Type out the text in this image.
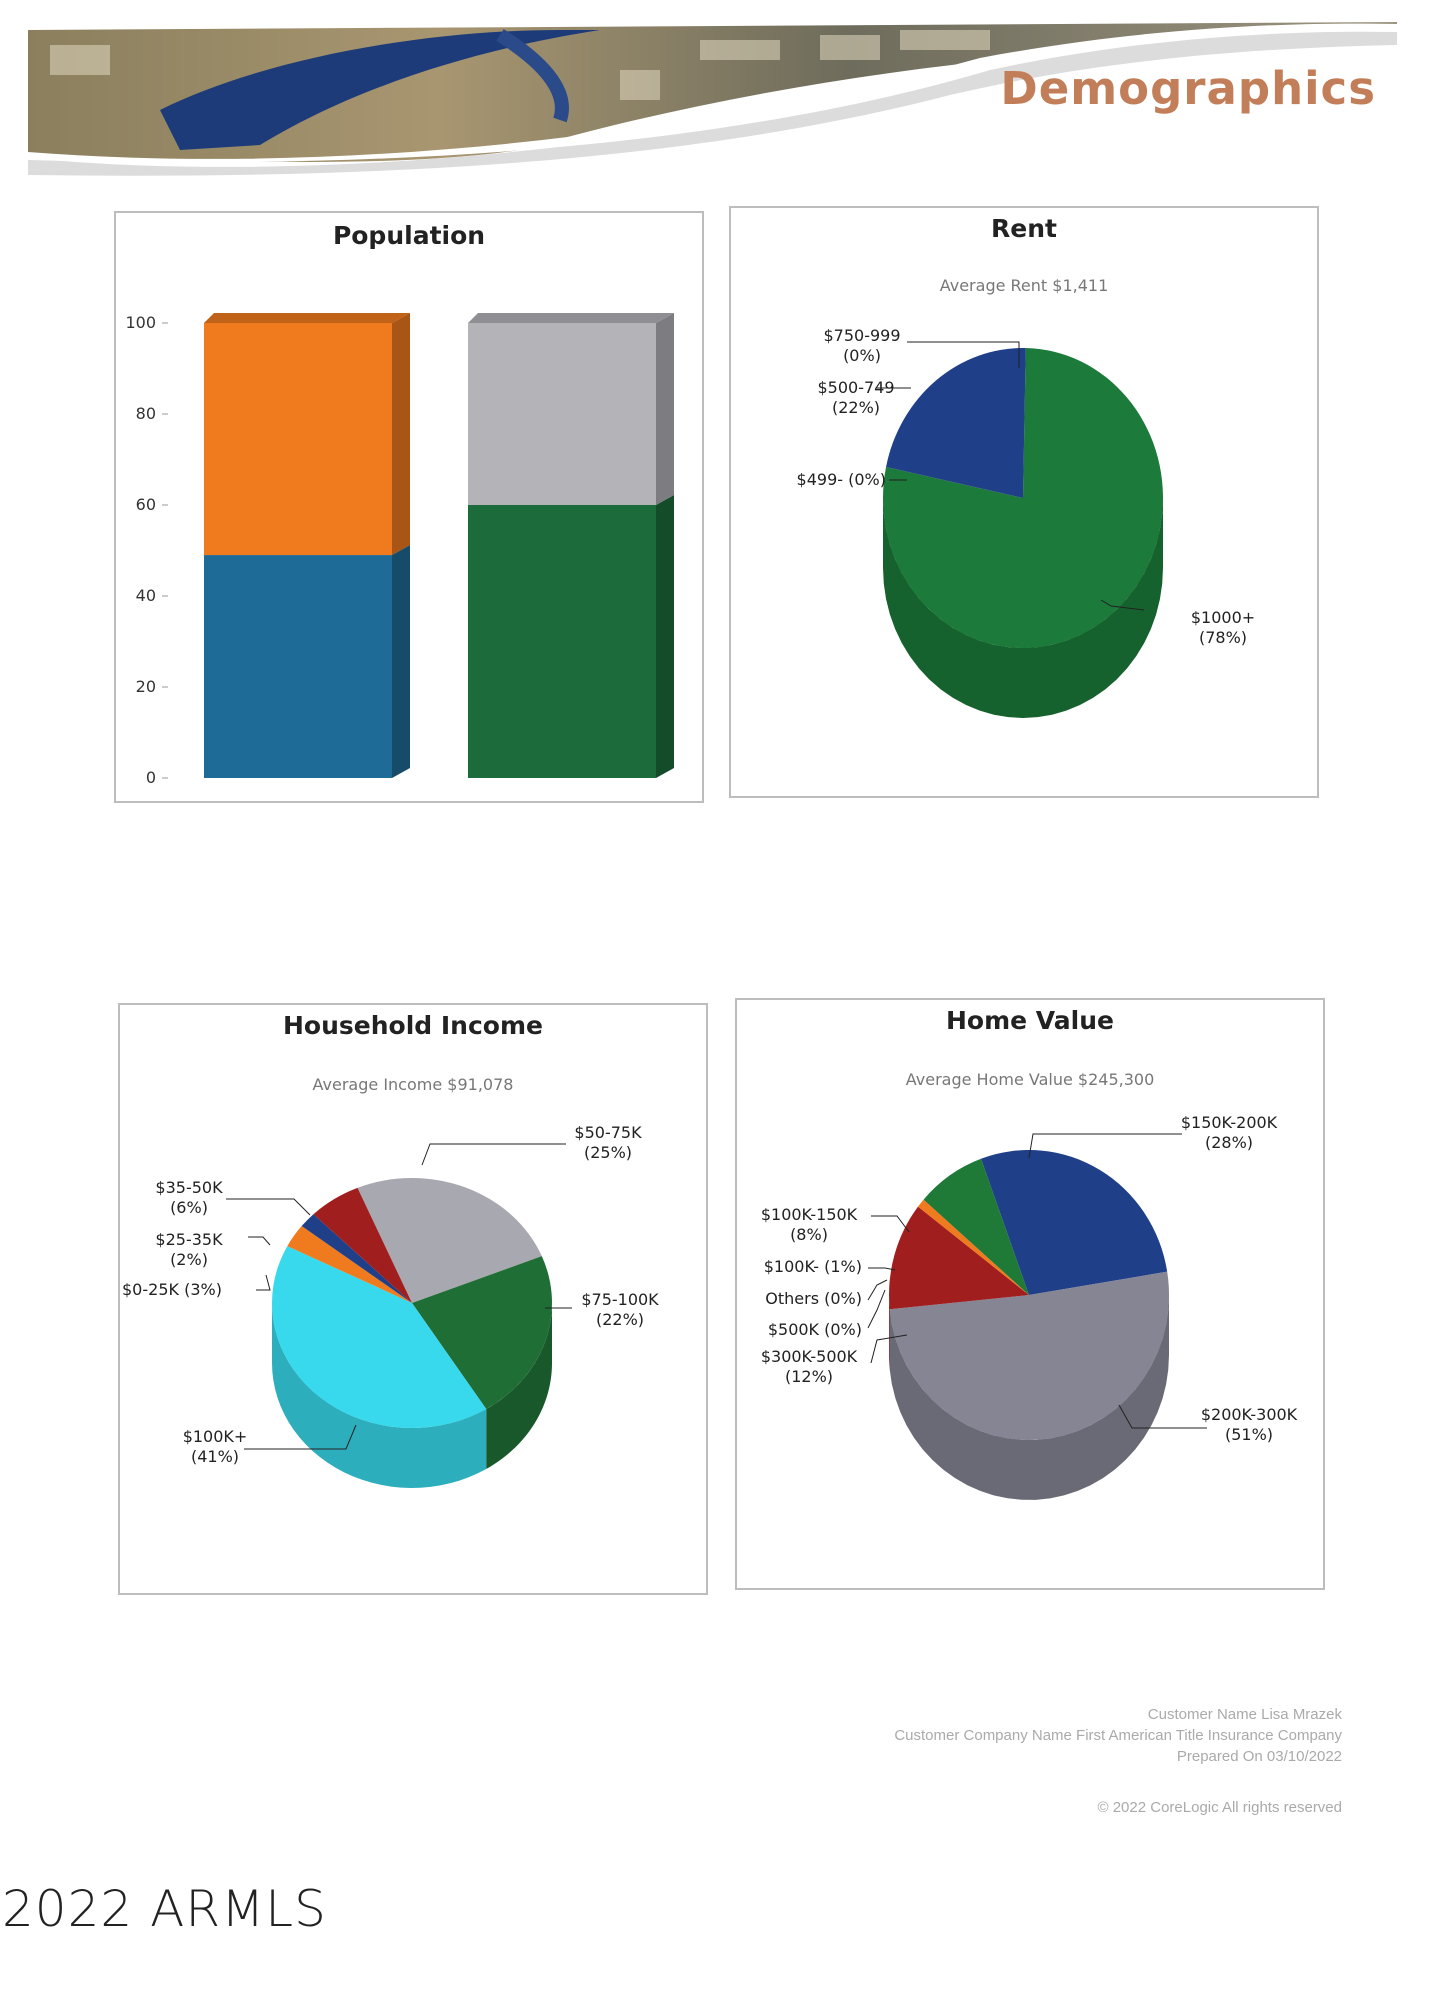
Demographics
Population
0
20
40
60
80
100
Rent
Average Rent $1,411
$1000+
(78%)
$499- (0%)
$500-749
(22%)
$750-999
(0%)
Household Income
Average Income $91,078
$50-75K
(25%)
$75-100K
(22%)
$100K+
(41%)
$0-25K (3%)
$25-35K
(2%)
$35-50K
(6%)
Home Value
Average Home Value $245,300
$150K-200K
(28%)
$200K-300K
(51%)
$300K-500K
(12%)
$500K (0%)
Others (0%)
$100K- (1%)
$100K-150K
(8%)
Customer Name Lisa Mrazek
Customer Company Name First American Title Insurance Company
Prepared On 03/10/2022
© 2022 CoreLogic All rights reserved
2022 ARMLS
